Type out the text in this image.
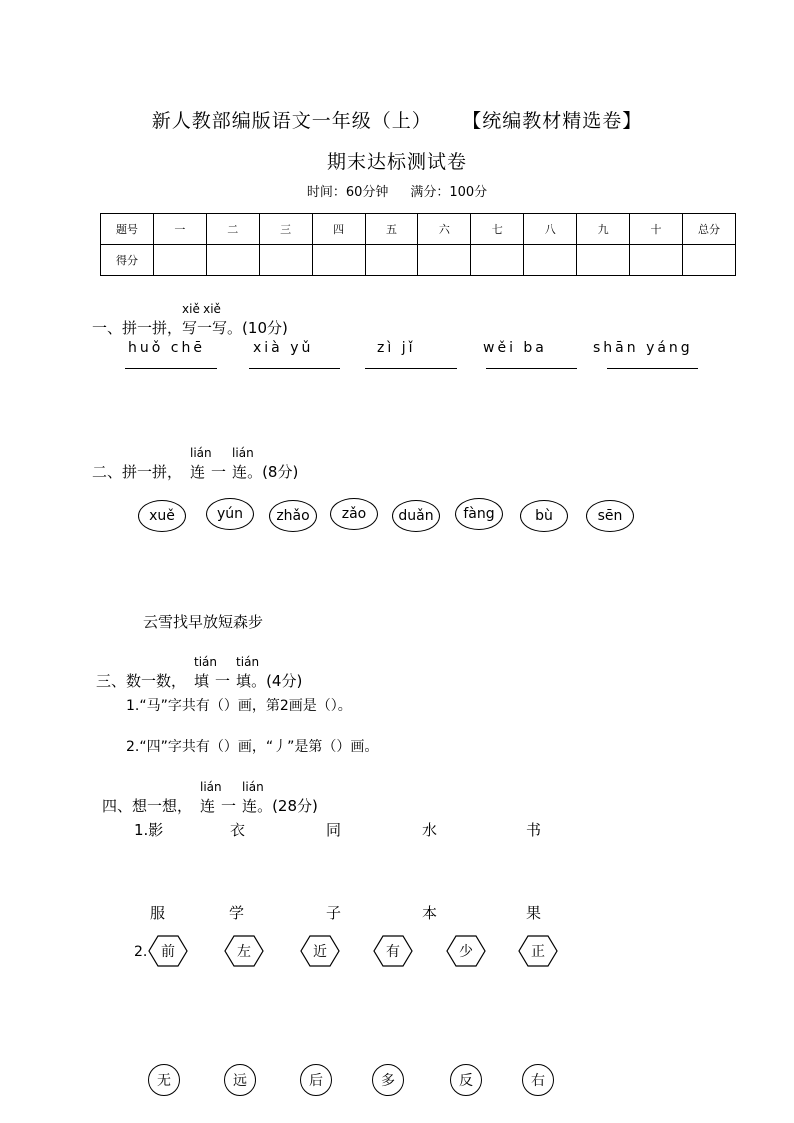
新人教部编版语文一年级（上） 【统编教材精选卷】
期末达标测试卷
时间：60分钟 满分：100分
题号	一	二	三	四	五	六	七	八	九	十	总分
得分											
一、拼一拼，
xiě
写
xiě
一写。(10分)
huǒ chē	xià yǔ	zì jǐ	wěi ba	shān yáng
二、拼一拼，
lián
连 一
lián
连。(8分)
xuě	yún	zhǎo	zǎo	duǎn	fàng	bù	sēn
云雪找早放短森步
三、数一数，
tián
填 一
tián
填。(4分)
1.“马”字共有（）画，第2画是（）。
2.“四”字共有（）画，“丿”是第（）画。
四、想一想，
lián
连 一
lián
连。(28分)
1.影	衣	同	水	书
服	学	子	本	果
2. 前	左	近	有	少	正
无	远	后	多	反	右
